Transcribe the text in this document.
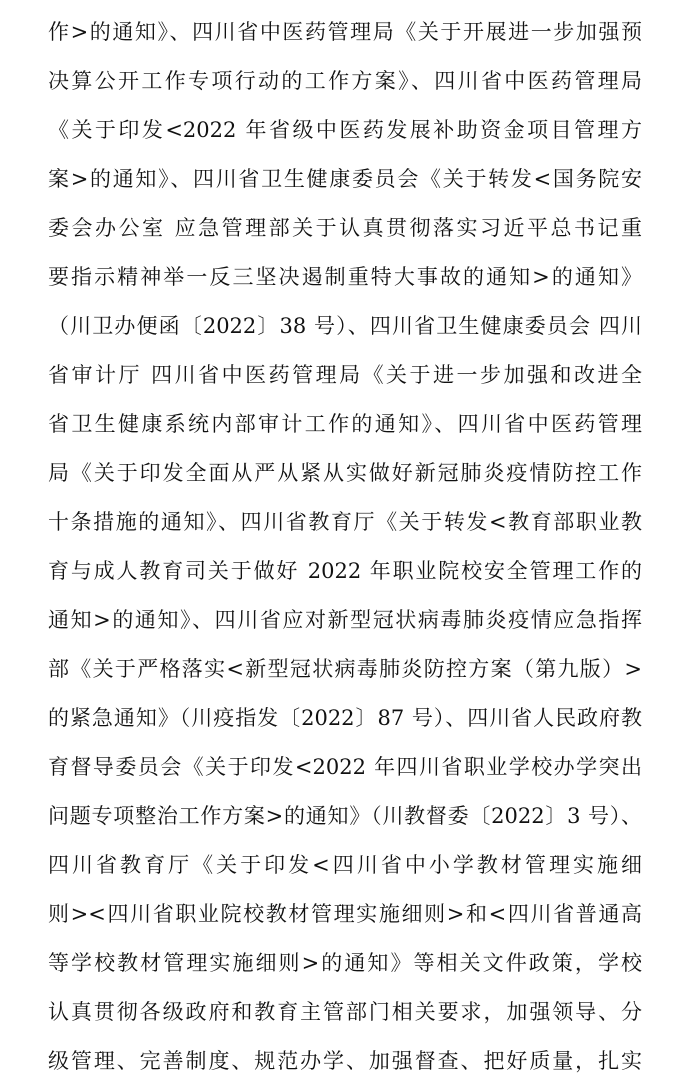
作>的通知》、四川省中医药管理局《关于开展进一步加强预
决算公开工作专项行动的工作方案》、四川省中医药管理局
《关于印发<2022 年省级中医药发展补助资金项目管理方
案>的通知》、四川省卫生健康委员会《关于转发<国务院安
委会办公室 应急管理部关于认真贯彻落实习近平总书记重
要指示精神举一反三坚决遏制重特大事故的通知>的通知》
（川卫办便函〔2022〕38 号）、四川省卫生健康委员会 四川
省审计厅 四川省中医药管理局《关于进一步加强和改进全
省卫生健康系统内部审计工作的通知》、四川省中医药管理
局《关于印发全面从严从紧从实做好新冠肺炎疫情防控工作
十条措施的通知》、四川省教育厅《关于转发<教育部职业教
育与成人教育司关于做好 2022 年职业院校安全管理工作的
通知>的通知》、四川省应对新型冠状病毒肺炎疫情应急指挥
部《关于严格落实<新型冠状病毒肺炎防控方案（第九版）>
的紧急通知》（川疫指发〔2022〕87 号）、四川省人民政府教
育督导委员会《关于印发<2022 年四川省职业学校办学突出
问题专项整治工作方案>的通知》（川教督委〔2022〕3 号）、
四川省教育厅《关于印发<四川省中小学教材管理实施细
则><四川省职业院校教材管理实施细则>和<四川省普通高
等学校教材管理实施细则>的通知》等相关文件政策，学校
认真贯彻各级政府和教育主管部门相关要求，加强领导、分
级管理、完善制度、规范办学、加强督查、把好质量，扎实
